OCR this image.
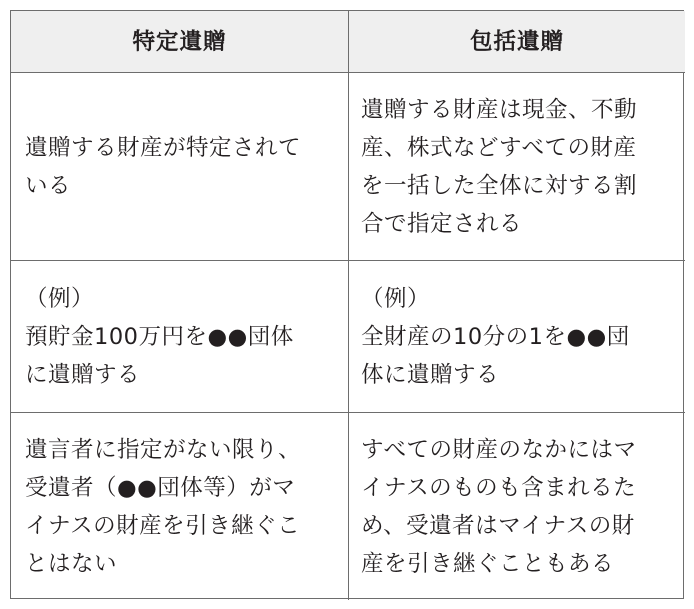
特定遺贈	包括遺贈

遺贈する財産が特定されて
いる

遺贈する財産は現金、不動
産、株式などすべての財産
を一括した全体に対する割
合で指定される

（例）
預貯金100万円を●●団体
に遺贈する

（例）
全財産の10分の1を●●団
体に遺贈する

遺言者に指定がない限り、
受遺者（●●団体等）がマ
イナスの財産を引き継ぐこ
とはない

すべての財産のなかにはマ
イナスのものも含まれるた
め、受遺者はマイナスの財
産を引き継ぐこともある
